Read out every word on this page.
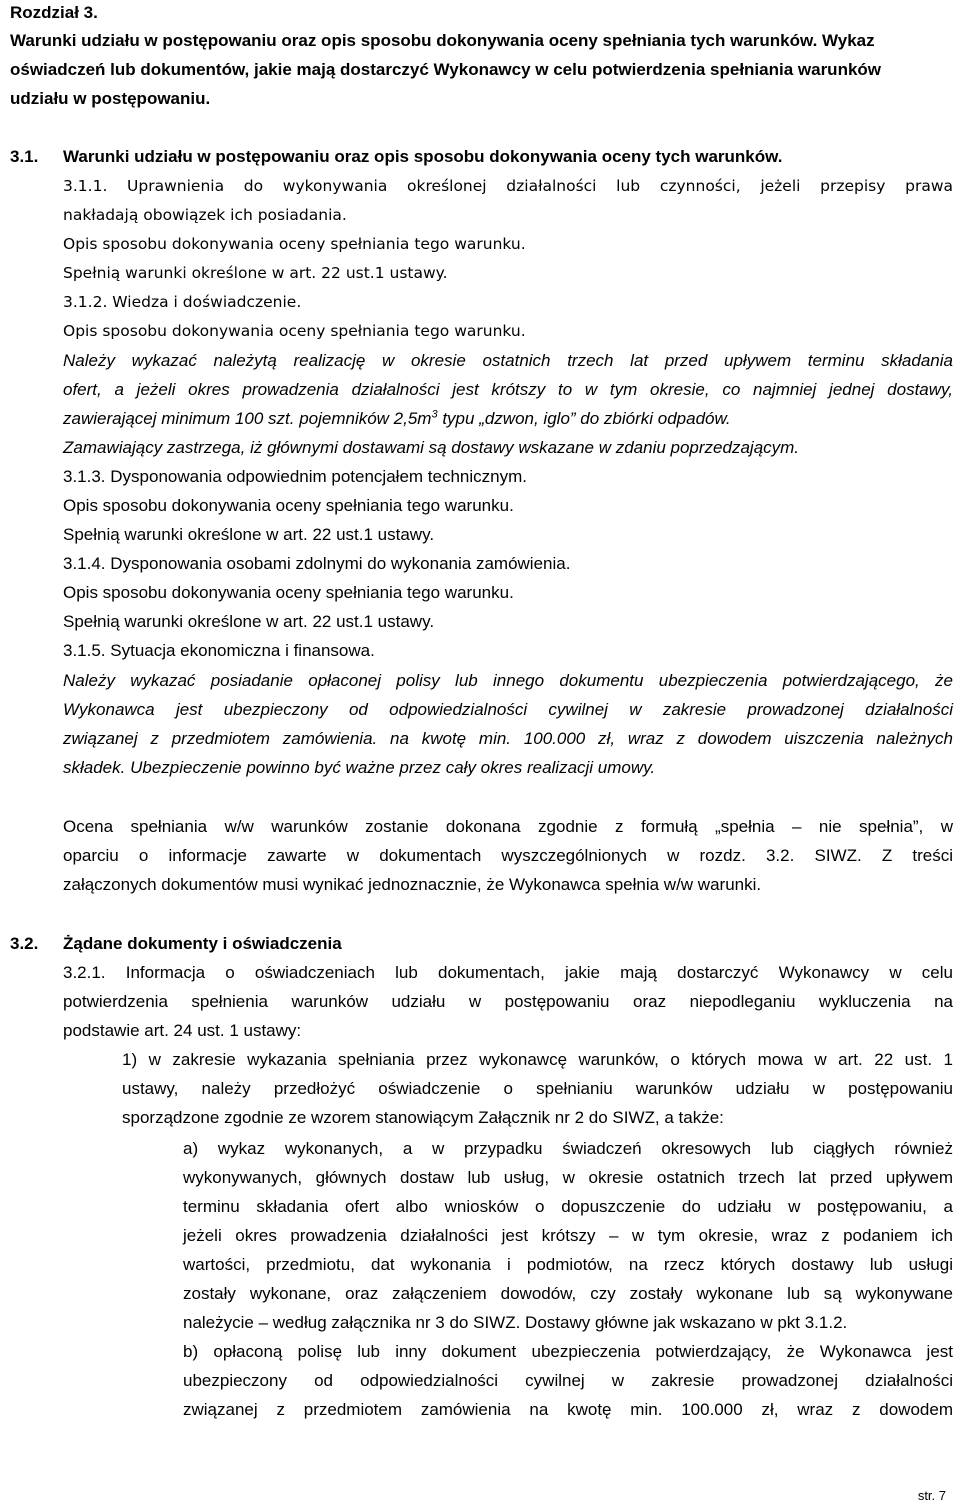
Rozdział 3.
Warunki udziału w postępowaniu oraz opis sposobu dokonywania oceny spełniania tych warunków. Wykaz
oświadczeń lub dokumentów, jakie mają dostarczyć Wykonawcy w celu potwierdzenia spełniania warunków
udziału w postępowaniu.
3.1. Warunki udziału w postępowaniu oraz opis sposobu dokonywania oceny tych warunków.
3.1.1. Uprawnienia do wykonywania określonej działalności lub czynności, jeżeli przepisy prawa
nakładają obowiązek ich posiadania.
Opis sposobu dokonywania oceny spełniania tego warunku.
Spełnią warunki określone w art. 22 ust.1 ustawy.
3.1.2. Wiedza i doświadczenie.
Opis sposobu dokonywania oceny spełniania tego warunku.
Należy wykazać należytą realizację w okresie ostatnich trzech lat przed upływem terminu składania
ofert, a jeżeli okres prowadzenia działalności jest krótszy to w tym okresie, co najmniej jednej dostawy,
zawierającej minimum 100 szt. pojemników $2,5m^3$ typu „dzwon, iglo” do zbiórki odpadów.
Zamawiający zastrzega, iż głównymi dostawami są dostawy wskazane w zdaniu poprzedzającym.
3.1.3. Dysponowania odpowiednim potencjałem technicznym.
Opis sposobu dokonywania oceny spełniania tego warunku.
Spełnią warunki określone w art. 22 ust.1 ustawy.
3.1.4. Dysponowania osobami zdolnymi do wykonania zamówienia.
Opis sposobu dokonywania oceny spełniania tego warunku.
Spełnią warunki określone w art. 22 ust.1 ustawy.
3.1.5. Sytuacja ekonomiczna i finansowa.
Należy wykazać posiadanie opłaconej polisy lub innego dokumentu ubezpieczenia potwierdzającego, że
Wykonawca jest ubezpieczony od odpowiedzialności cywilnej w zakresie prowadzonej działalności
związanej z przedmiotem zamówienia. na kwotę min. 100.000 zł, wraz z dowodem uiszczenia należnych
składek. Ubezpieczenie powinno być ważne przez cały okres realizacji umowy.
Ocena spełniania w/w warunków zostanie dokonana zgodnie z formułą „spełnia – nie spełnia”, w
oparciu o informacje zawarte w dokumentach wyszczególnionych w rozdz. 3.2. SIWZ. Z treści
załączonych dokumentów musi wynikać jednoznacznie, że Wykonawca spełnia w/w warunki.
3.2. Żądane dokumenty i oświadczenia
3.2.1. Informacja o oświadczeniach lub dokumentach, jakie mają dostarczyć Wykonawcy w celu
potwierdzenia spełnienia warunków udziału w postępowaniu oraz niepodleganiu wykluczenia na
podstawie art. 24 ust. 1 ustawy:
1) w zakresie wykazania spełniania przez wykonawcę warunków, o których mowa w art. 22 ust. 1
ustawy, należy przedłożyć oświadczenie o spełnianiu warunków udziału w postępowaniu
sporządzone zgodnie ze wzorem stanowiącym Załącznik nr 2 do SIWZ, a także:
a) wykaz wykonanych, a w przypadku świadczeń okresowych lub ciągłych również
wykonywanych, głównych dostaw lub usług, w okresie ostatnich trzech lat przed upływem
terminu składania ofert albo wniosków o dopuszczenie do udziału w postępowaniu, a
jeżeli okres prowadzenia działalności jest krótszy – w tym okresie, wraz z podaniem ich
wartości, przedmiotu, dat wykonania i podmiotów, na rzecz których dostawy lub usługi
zostały wykonane, oraz załączeniem dowodów, czy zostały wykonane lub są wykonywane
należycie – według załącznika nr 3 do SIWZ. Dostawy główne jak wskazano w pkt 3.1.2.
b) opłaconą polisę lub inny dokument ubezpieczenia potwierdzający, że Wykonawca jest
ubezpieczony od odpowiedzialności cywilnej w zakresie prowadzonej działalności
związanej z przedmiotem zamówienia na kwotę min. 100.000 zł, wraz z dowodem
str. 7
